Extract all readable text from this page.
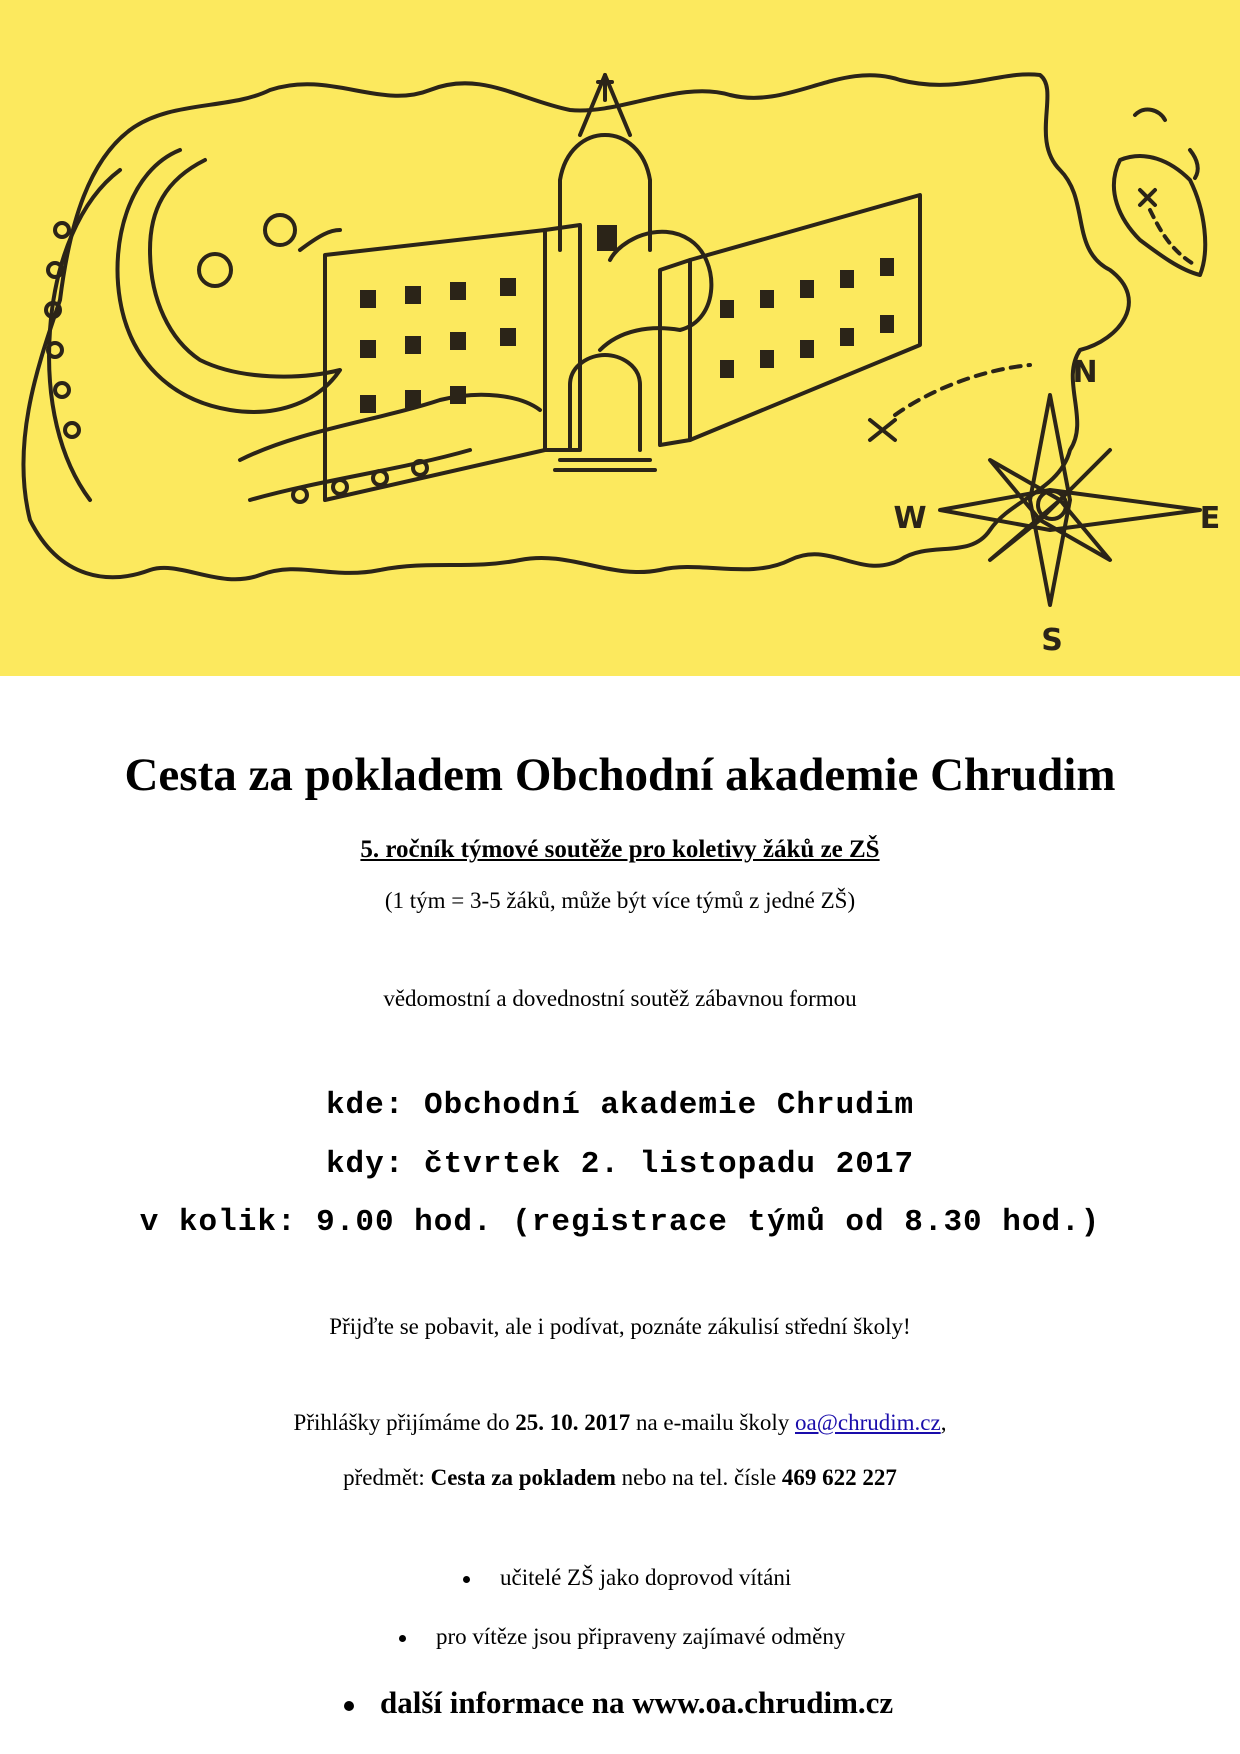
N
E
S
W
Cesta za pokladem Obchodní akademie Chrudim
5. ročník týmové soutěže pro koletivy žáků ze ZŠ
(1 tým = 3-5 žáků, může být více týmů z jedné ZŠ)
vědomostní a dovednostní soutěž zábavnou formou
kde: Obchodní akademie Chrudim
kdy: čtvrtek 2. listopadu 2017
v kolik: 9.00 hod. (registrace týmů od 8.30 hod.)
Přijďte se pobavit, ale i podívat, poznáte zákulisí střední školy!
Přihlášky přijímáme do 25. 10. 2017 na e-mailu školy oa@chrudim.cz,
předmět: Cesta za pokladem nebo na tel. čísle 469 622 227
učitelé ZŠ jako doprovod vítáni
pro vítěze jsou připraveny zajímavé odměny
další informace na www.oa.chrudim.cz
